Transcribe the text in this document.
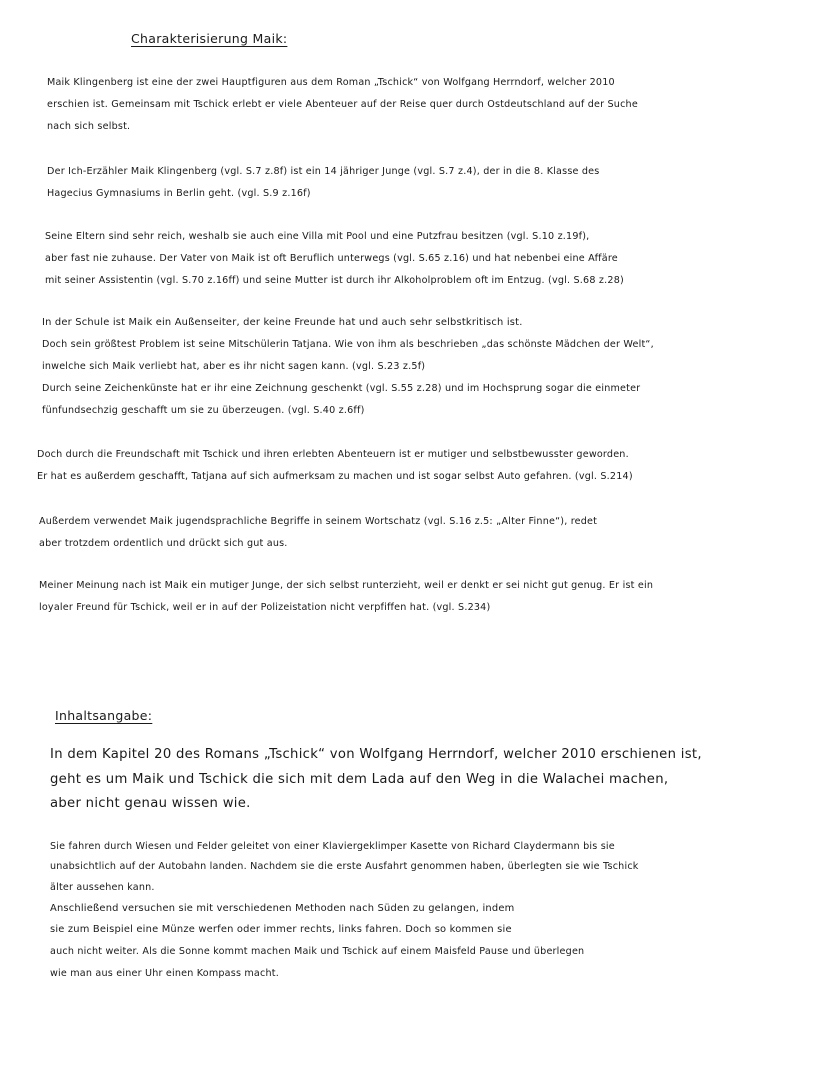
Charakterisierung Maik:
Maik Klingenberg ist eine der zwei Hauptfiguren aus dem Roman „Tschick“ von Wolfgang Herrndorf, welcher 2010
erschien ist. Gemeinsam mit Tschick erlebt er viele Abenteuer auf der Reise quer durch Ostdeutschland auf der Suche
nach sich selbst.
Der Ich-Erzähler Maik Klingenberg (vgl. S.7 z.8f) ist ein 14 jähriger Junge (vgl. S.7 z.4), der in die 8. Klasse des
Hagecius Gymnasiums in Berlin geht. (vgl. S.9 z.16f)
Seine Eltern sind sehr reich, weshalb sie auch eine Villa mit Pool und eine Putzfrau besitzen (vgl. S.10 z.19f),
aber fast nie zuhause. Der Vater von Maik ist oft Beruflich unterwegs (vgl. S.65 z.16) und hat nebenbei eine Affäre
mit seiner Assistentin (vgl. S.70 z.16ff) und seine Mutter ist durch ihr Alkoholproblem oft im Entzug. (vgl. S.68 z.28)
In der Schule ist Maik ein Außenseiter, der keine Freunde hat und auch sehr selbstkritisch ist.
Doch sein größtest Problem ist seine Mitschülerin Tatjana. Wie von ihm als beschrieben „das schönste Mädchen der Welt“,
inwelche sich Maik verliebt hat, aber es ihr nicht sagen kann. (vgl. S.23 z.5f)
Durch seine Zeichenkünste hat er ihr eine Zeichnung geschenkt (vgl. S.55 z.28) und im Hochsprung sogar die einmeter
fünfundsechzig geschafft um sie zu überzeugen. (vgl. S.40 z.6ff)
Doch durch die Freundschaft mit Tschick und ihren erlebten Abenteuern ist er mutiger und selbstbewusster geworden.
Er hat es außerdem geschafft, Tatjana auf sich aufmerksam zu machen und ist sogar selbst Auto gefahren. (vgl. S.214)
Außerdem verwendet Maik jugendsprachliche Begriffe in seinem Wortschatz (vgl. S.16 z.5: „Alter Finne“), redet
aber trotzdem ordentlich und drückt sich gut aus.
Meiner Meinung nach ist Maik ein mutiger Junge, der sich selbst runterzieht, weil er denkt er sei nicht gut genug. Er ist ein
loyaler Freund für Tschick, weil er in auf der Polizeistation nicht verpfiffen hat. (vgl. S.234)
Inhaltsangabe:
In dem Kapitel 20 des Romans „Tschick“ von Wolfgang Herrndorf, welcher 2010 erschienen ist,
geht es um Maik und Tschick die sich mit dem Lada auf den Weg in die Walachei machen,
aber nicht genau wissen wie.
Sie fahren durch Wiesen und Felder geleitet von einer Klaviergeklimper Kasette von Richard Claydermann bis sie
unabsichtlich auf der Autobahn landen. Nachdem sie die erste Ausfahrt genommen haben, überlegten sie wie Tschick
älter aussehen kann.
Anschließend versuchen sie mit verschiedenen Methoden nach Süden zu gelangen, indem
sie zum Beispiel eine Münze werfen oder immer rechts, links fahren. Doch so kommen sie
auch nicht weiter. Als die Sonne kommt machen Maik und Tschick auf einem Maisfeld Pause und überlegen
wie man aus einer Uhr einen Kompass macht.
